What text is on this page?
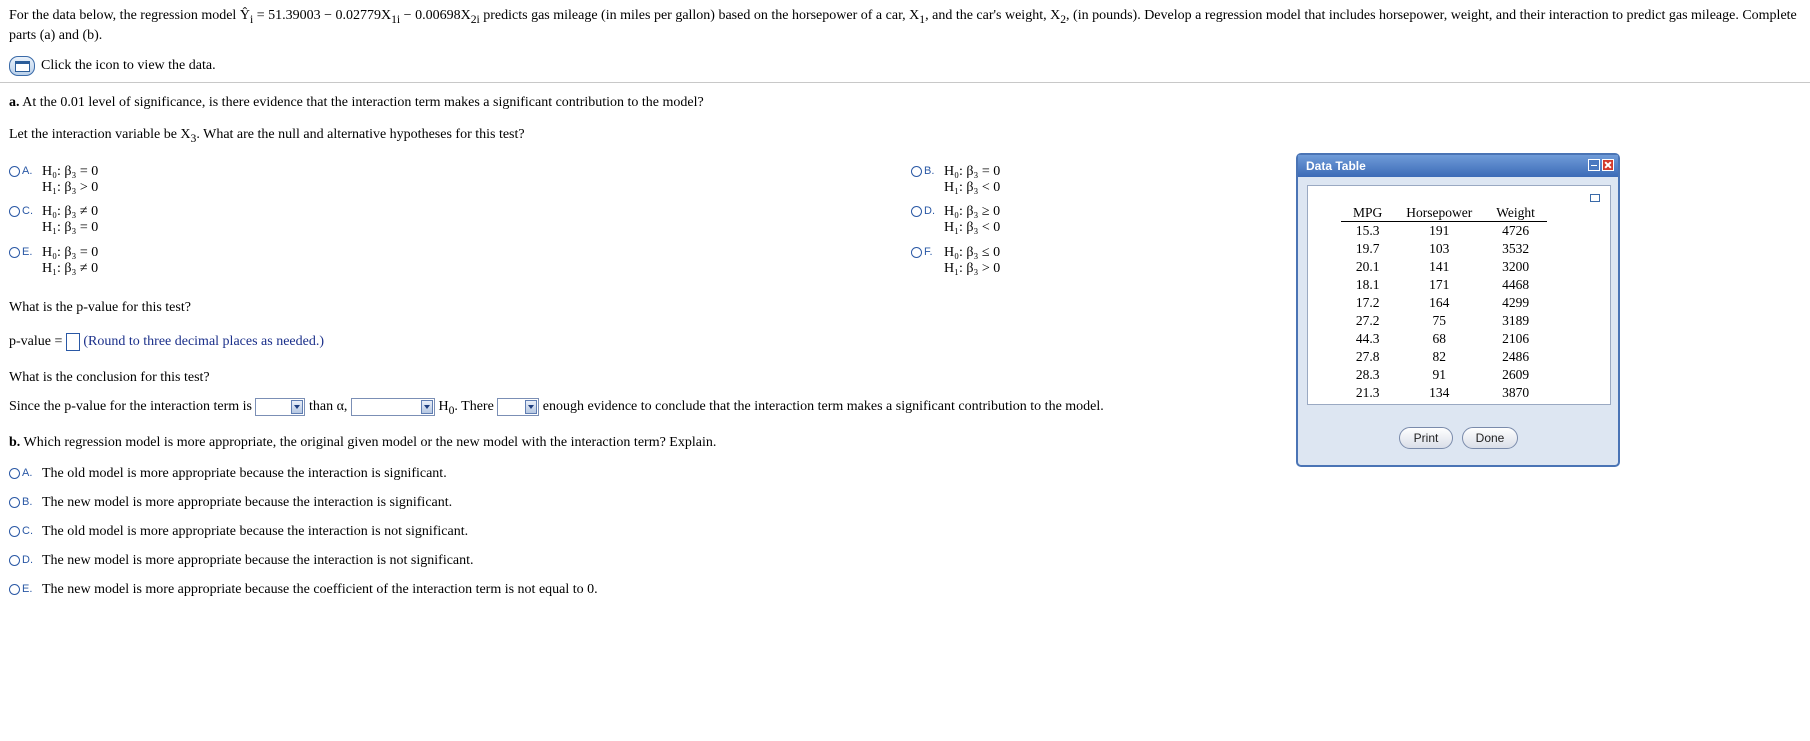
For the data below, the regression model $Ŷ_i = 51.39003 - 0.02779X_{1i} - 0.00698X_{2i}$ predicts gas mileage (in miles per gallon) based on the horsepower of a car, $X_1$, and the car's weight, $X_2$, (in pounds). Develop a regression model that includes horsepower, weight, and their interaction to predict gas mileage. Complete parts (a) and (b).
Click the icon to view the data.
a. At the 0.01 level of significance, is there evidence that the interaction term makes a significant contribution to the model?
Let the interaction variable be $X_3$. What are the null and alternative hypotheses for this test?
A. H₀: β₃ = 0
H₁: β₃ > 0
B. H₀: β₃ = 0
H₁: β₃ < 0
C. H₀: β₃ ≠ 0
H₁: β₃ = 0
D. H₀: β₃ ≥ 0
H₁: β₃ < 0
E. H₀: β₃ = 0
H₁: β₃ ≠ 0
F. H₀: β₃ ≤ 0
H₁: β₃ > 0
What is the p-value for this test?
p-value = (Round to three decimal places as needed.)
What is the conclusion for this test?
Since the p-value for the interaction term is	than α,	$H_0$. There	enough evidence to conclude that the interaction term makes a significant contribution to the model.
b. Which regression model is more appropriate, the original given model or the new model with the interaction term? Explain.
A. The old model is more appropriate because the interaction is significant.
B. The new model is more appropriate because the interaction is significant.
C. The old model is more appropriate because the interaction is not significant.
D. The new model is more appropriate because the interaction is not significant.
E. The new model is more appropriate because the coefficient of the interaction term is not equal to 0.
Data Table
MPG	Horsepower	Weight
15.3	191	4726
19.7	103	3532
20.1	141	3200
18.1	171	4468
17.2	164	4299
27.2	75	3189
44.3	68	2106
27.8	82	2486
28.3	91	2609
21.3	134	3870
Print	Done
